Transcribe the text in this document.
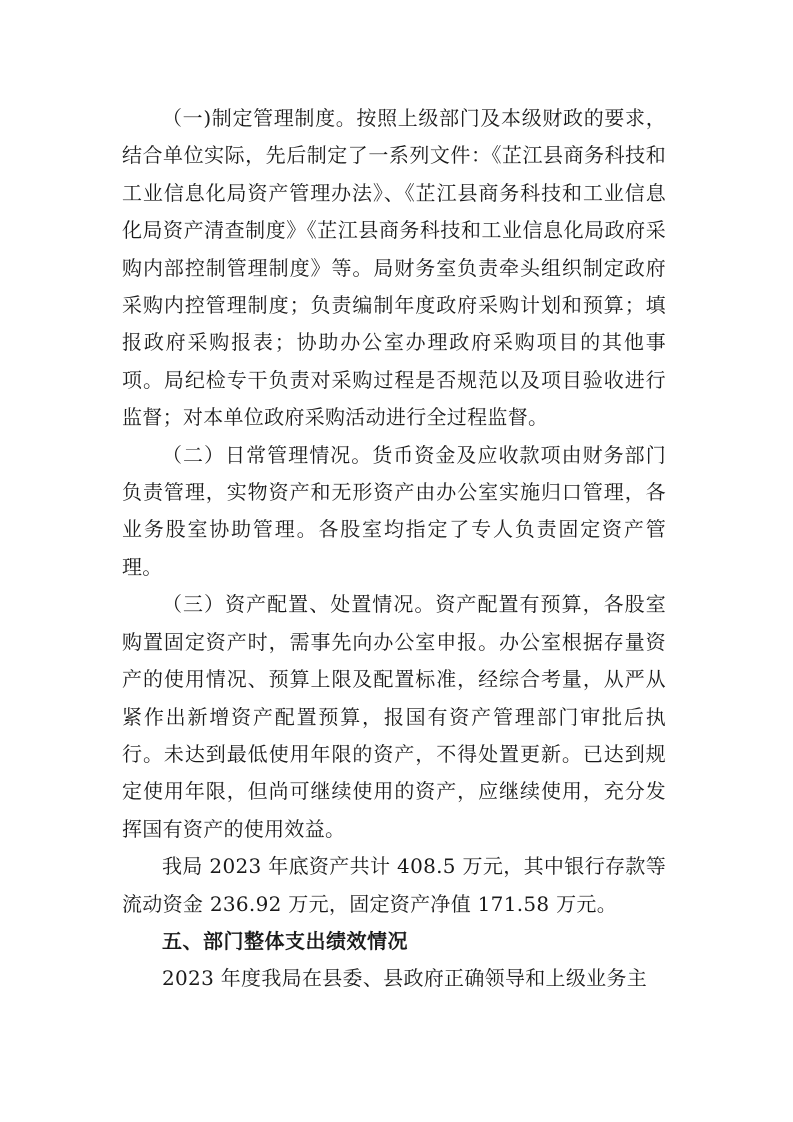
（一)制定管理制度。按照上级部门及本级财政的要求，结合单位实际，先后制定了一系列文件：《芷江县商务科技和工业信息化局资产管理办法》、《芷江县商务科技和工业信息化局资产清查制度》《芷江县商务科技和工业信息化局政府采购内部控制管理制度》等。局财务室负责牵头组织制定政府采购内控管理制度；负责编制年度政府采购计划和预算；填报政府采购报表；协助办公室办理政府采购项目的其他事项。局纪检专干负责对采购过程是否规范以及项目验收进行监督；对本单位政府采购活动进行全过程监督。

（二）日常管理情况。货币资金及应收款项由财务部门负责管理，实物资产和无形资产由办公室实施归口管理，各业务股室协助管理。各股室均指定了专人负责固定资产管理。

（三）资产配置、处置情况。资产配置有预算，各股室购置固定资产时，需事先向办公室申报。办公室根据存量资产的使用情况、预算上限及配置标准，经综合考量，从严从紧作出新增资产配置预算，报国有资产管理部门审批后执行。未达到最低使用年限的资产，不得处置更新。已达到规定使用年限，但尚可继续使用的资产，应继续使用，充分发挥国有资产的使用效益。

我局 2023 年底资产共计 408.5 万元，其中银行存款等流动资金 236.92 万元，固定资产净值 171.58 万元。

五、部门整体支出绩效情况

2023 年度我局在县委、县政府正确领导和上级业务主
